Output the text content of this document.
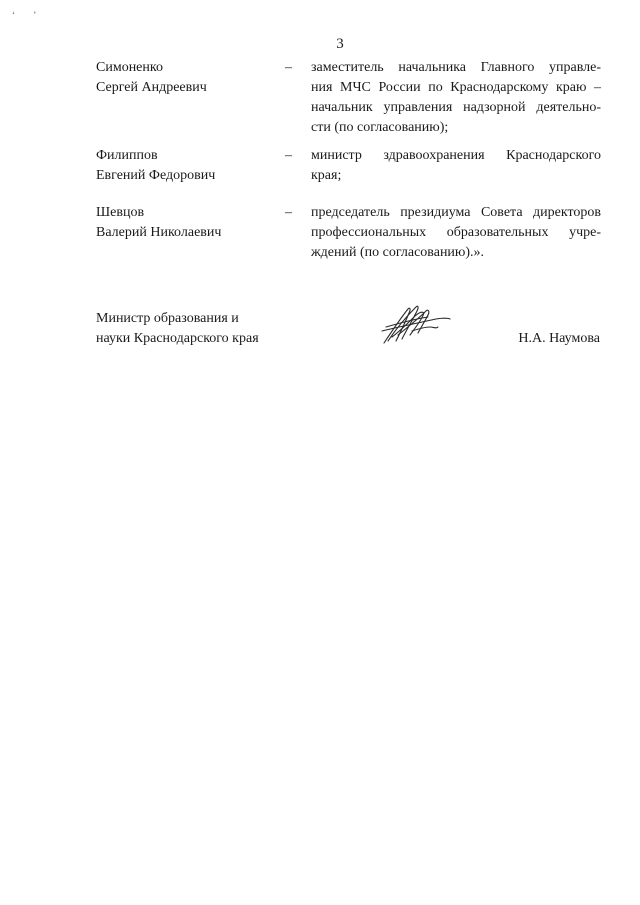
‘ ʼ
3
Симоненко
Сергей Андреевич
– заместитель начальника Главного управле-
ния МЧС России по Краснодарскому краю –
начальник управления надзорной деятельно-
сти (по согласованию);
Филиппов
Евгений Федорович
– министр здравоохранения Краснодарского
края;
Шевцов
Валерий Николаевич
– председатель президиума Совета директоров
профессиональных образовательных учре-
ждений (по согласованию).».
Министр образования и
науки Краснодарского края	Н.А. Наумова
